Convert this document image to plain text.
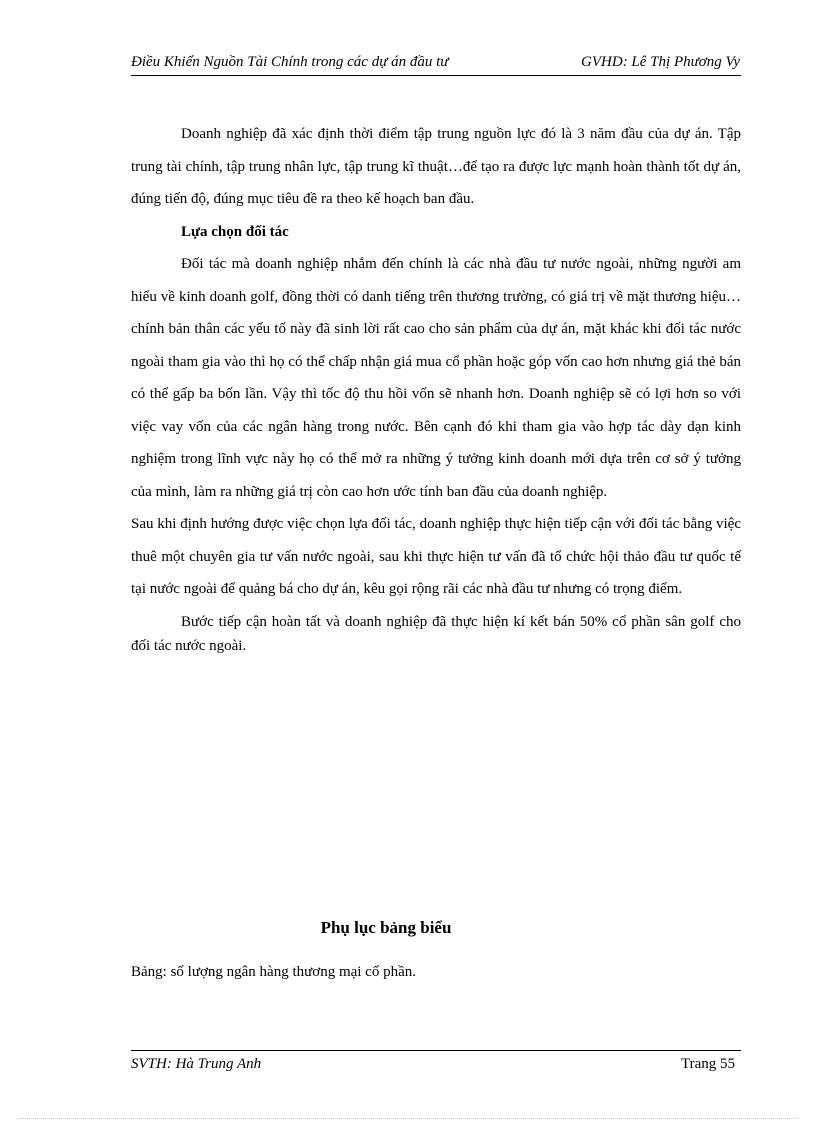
Điều Khiển Nguồn Tài Chính trong các dự án đầu tư	GVHD: Lê Thị Phương Vy

Doanh nghiệp đã xác định thời điểm tập trung nguồn lực đó là 3 năm đầu của dự án. Tập trung tài chính, tập trung nhân lực, tập trung kĩ thuật…để tạo ra được lực mạnh hoàn thành tốt dự án, đúng tiến độ, đúng mục tiêu đề ra theo kế hoạch ban đầu.

Lựa chọn đối tác

Đối tác mà doanh nghiệp nhắm đến chính là các nhà đầu tư nước ngoài, những người am hiểu về kinh doanh golf, đồng thời có danh tiếng trên thương trường, có giá trị về mặt thương hiệu…chính bản thân các yếu tố này đã sinh lời rất cao cho sản phẩm của dự án, mặt khác khi đối tác nước ngoài tham gia vào thì họ có thể chấp nhận giá mua cổ phần hoặc góp vốn cao hơn nhưng giá thẻ bán có thể gấp ba bốn lần. Vậy thì tốc độ thu hồi vốn sẽ nhanh hơn. Doanh nghiệp sẽ có lợi hơn so với việc vay vốn của các ngân hàng trong nước. Bên cạnh đó khi tham gia vào hợp tác dày dạn kinh nghiệm trong lĩnh vực này họ có thể mở ra những ý tưởng kinh doanh mới dựa trên cơ sở ý tưởng của mình, làm ra những giá trị còn cao hơn ước tính ban đầu của doanh nghiệp.

Sau khi định hướng được việc chọn lựa đối tác, doanh nghiệp thực hiện tiếp cận với đối tác bằng việc thuê một chuyên gia tư vấn nước ngoài, sau khi thực hiện tư vấn đã tổ chức hội thảo đầu tư quốc tế tại nước ngoài để quảng bá cho dự án, kêu gọi rộng rãi các nhà đầu tư nhưng có trọng điểm.

Bước tiếp cận hoàn tất và doanh nghiệp đã thực hiện kí kết bán 50% cổ phần sân golf cho đối tác nước ngoài.

Phụ lục bảng biểu
Bảng: số lượng ngân hàng thương mại cổ phần.
SVTH: Hà Trung Anh	Trang 55
